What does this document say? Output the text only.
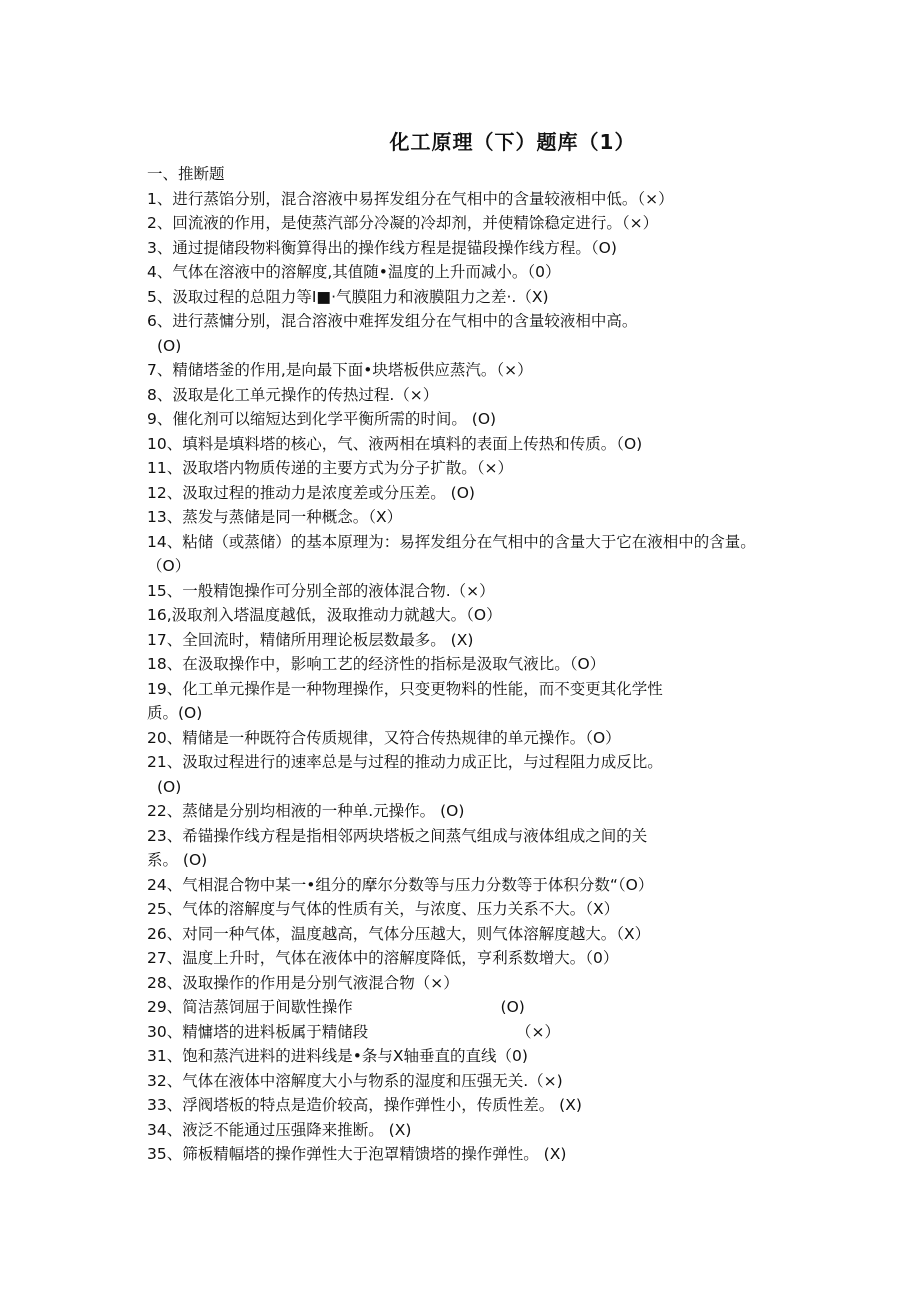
化工原理（下）题库（1）
一、推断题
1、进行蒸馅分别，混合溶液中易挥发组分在气相中的含量较液相中低。（×）
2、回流液的作用，是使蒸汽部分冷凝的冷却剂，并使精馀稳定进行。（×）
3、通过提储段物料衡算得出的操作线方程是提锚段操作线方程。（O)
4、气体在溶液中的溶解度,其值随•温度的上升而减小。（0）
5、汲取过程的总阻力等I■·气膜阻力和液膜阻力之差·.（X)
6、进行蒸慵分别，混合溶液中难挥发组分在气相中的含量较液相中高。
(O)
7、精储塔釜的作用,是向最下面•块塔板供应蒸汽。（×）
8、汲取是化工单元操作的传热过程.（×）
9、催化剂可以缩短达到化学平衡所需的时间。 (O)
10、填料是填料塔的核心，气、液两相在填料的表面上传热和传质。（O)
11、汲取塔内物质传递的主要方式为分子扩散。（×）
12、汲取过程的推动力是浓度差或分压差。 (O)
13、蒸发与蒸储是同一种概念。（X）
14、粘储（或蒸储）的基本原理为：易挥发组分在气相中的含量大于它在液相中的含量。
（O）
15、一般精饱操作可分别全部的液体混合物.（×）
16,汲取剂入塔温度越低，汲取推动力就越大。（O）
17、全回流时，精储所用理论板层数最多。 (X)
18、在汲取操作中，影响工艺的经济性的指标是汲取气液比。（O）
19、化工单元操作是一种物理操作，只变更物料的性能，而不变更其化学性
质。(O)
20、精储是一种既符合传质规律，又符合传热规律的单元操作。（O）
21、汲取过程进行的速率总是与过程的推动力成正比，与过程阻力成反比。
(O)
22、蒸储是分别均相液的一种单.元操作。 (O)
23、希锚操作线方程是指相邻两块塔板之间蒸气组成与液体组成之间的关
系。 (O)
24、气相混合物中某一•组分的摩尔分数等与压力分数等于体积分数“（O）
25、气体的溶解度与气体的性质有关，与浓度、压力关系不大。（X）
26、对同一种气体，温度越高，气体分压越大，则气体溶解度越大。（X）
27、温度上升时，气体在液体中的溶解度降低，亨利系数增大。（0）
28、汲取操作的作用是分别气液混合物（×）
29、简洁蒸饲屈于间歇性操作                              (O)
30、精慵塔的进料板属于精储段                              （×）
31、饱和蒸汽进料的进料线是•条与X轴垂直的直线（0)
32、气体在液体中溶解度大小与物系的湿度和压强无关.（×)
33、浮阀塔板的特点是造价较高，操作弹性小，传质性差。 (X)
34、液泛不能通过压强降来推断。 (X)
35、筛板精幅塔的操作弹性大于泡罩精馈塔的操作弹性。 (X)
